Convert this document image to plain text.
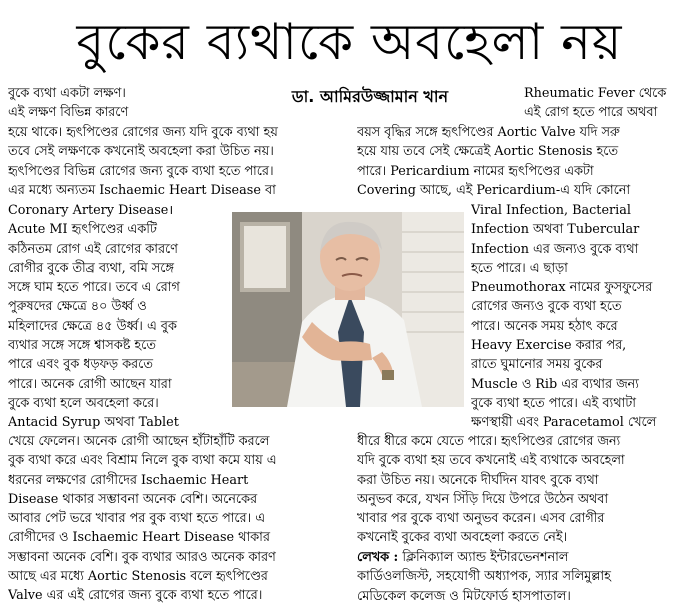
বুকের ব্যথাকে অবহেলা নয়
ডা. আমিরউজ্জামান খান
বুকে ব্যথা একটা লক্ষণ।
এই লক্ষণ বিভিন্ন কারণে
হয়ে থাকে। হৃৎপিণ্ডের রোগের জন্য যদি বুকে ব্যথা হয়
তবে সেই লক্ষণকে কখনোই অবহেলা করা উচিত নয়।
হৃৎপিণ্ডের বিভিন্ন রোগের জন্য বুকে ব্যথা হতে পারে।
এর মধ্যে অন্যতম Ischaemic Heart Disease বা
Coronary Artery Disease।
Acute MI হৃৎপিণ্ডের একটি
কঠিনতম রোগ এই রোগের কারণে
রোগীর বুকে তীব্র ব্যথা, বমি সঙ্গে
সঙ্গে ঘাম হতে পারে। তবে এ রোগ
পুরুষদের ক্ষেত্রে ৪০ উর্ধ্ব ও
মহিলাদের ক্ষেত্রে ৪৫ উর্ধ্ব। এ বুক
ব্যথার সঙ্গে সঙ্গে শ্বাসকষ্ট হতে
পারে এবং বুক ধড়ফড় করতে
পারে। অনেক রোগী আছেন যারা
বুকে ব্যথা হলে অবহেলা করে।
Antacid Syrup অথবা Tablet
খেয়ে ফেলেন। অনেক রোগী আছেন হাঁটাহাঁটি করলে
বুক ব্যথা করে এবং বিশ্রাম নিলে বুক ব্যথা কমে যায় এ
ধরনের লক্ষণের রোগীদের Ischaemic Heart
Disease থাকার সম্ভাবনা অনেক বেশি। অনেকের
আবার পেট ভরে খাবার পর বুক ব্যথা হতে পারে। এ
রোগীদের ও Ischaemic Heart Disease থাকার
সম্ভাবনা অনেক বেশি। বুক ব্যথার আরও অনেক কারণ
আছে এর মধ্যে Aortic Stenosis বলে হৃৎপিণ্ডের
Valve এর এই রোগের জন্য বুকে ব্যথা হতে পারে।
Rheumatic Fever থেকে
এই রোগ হতে পারে অথবা
বয়স বৃদ্ধির সঙ্গে হৃৎপিণ্ডের Aortic Valve যদি সরু
হয়ে যায় তবে সেই ক্ষেত্রেই Aortic Stenosis হতে
পারে। Pericardium নামের হৃৎপিণ্ডের একটা
Covering আছে, এই Pericardium-এ যদি কোনো
Viral Infection, Bacterial
Infection অথবা Tubercular
Infection এর জন্যও বুকে ব্যথা
হতে পারে। এ ছাড়া
Pneumothorax নামের ফুসফুসের
রোগের জন্যও বুকে ব্যথা হতে
পারে। অনেক সময় হঠাৎ করে
Heavy Exercise করার পর,
রাতে ঘুমানোর সময় বুকের
Muscle ও Rib এর ব্যথার জন্য
বুকে ব্যথা হতে পারে। এই ব্যথাটা
ক্ষণস্থায়ী এবং Paracetamol খেলে
ধীরে ধীরে কমে যেতে পারে। হৃৎপিণ্ডের রোগের জন্য
যদি বুকে ব্যথা হয় তবে কখনোই এই ব্যথাকে অবহেলা
করা উচিত নয়। অনেকে দীর্ঘদিন যাবৎ বুকে ব্যথা
অনুভব করে, যখন সিঁড়ি দিয়ে উপরে উঠেন অথবা
খাবার পর বুকে ব্যথা অনুভব করেন। এসব রোগীর
কখনোই বুকের ব্যথা অবহেলা করতে নেই।
লেখক : ক্লিনিক্যাল অ্যান্ড ইন্টারভেনশনাল
কার্ডিওলজিস্ট, সহযোগী অধ্যাপক, স্যার সলিমুল্লাহ
মেডিকেল কলেজ ও মিটফোর্ড হাসপাতাল।
